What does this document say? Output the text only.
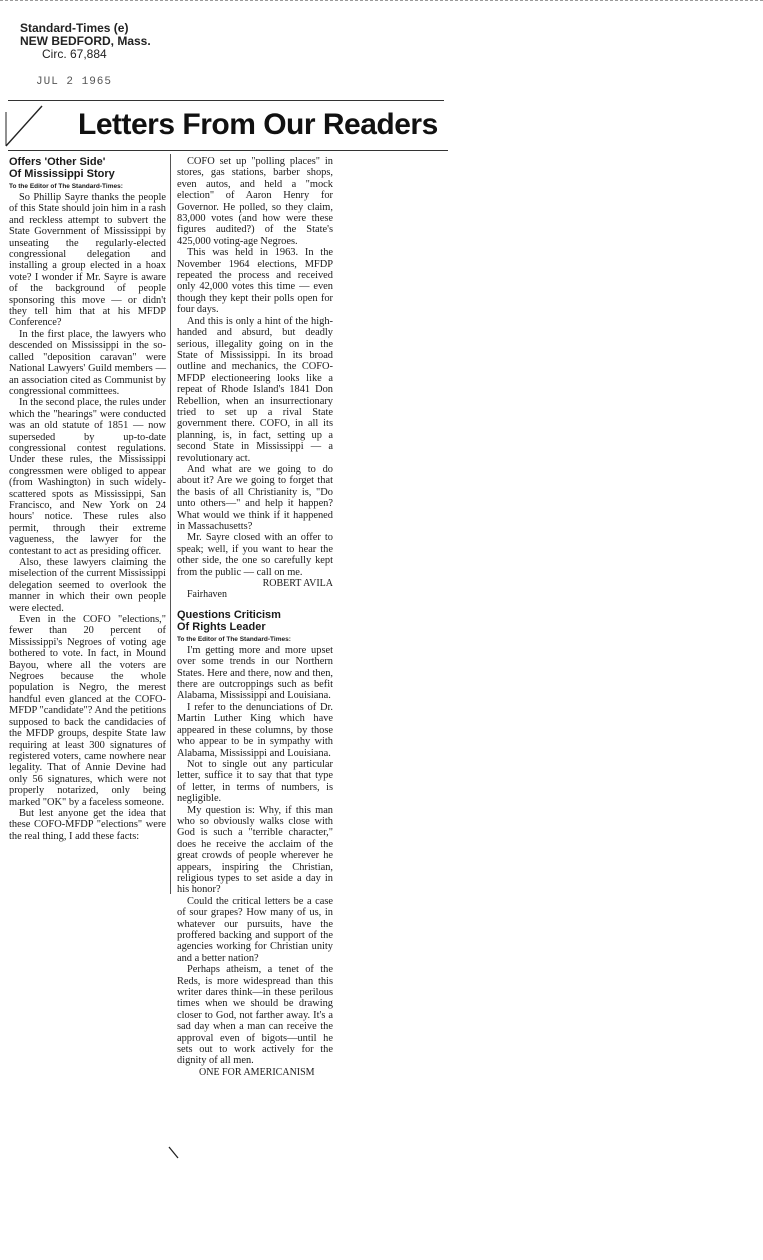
Standard-Times (e)
NEW BEDFORD, Mass.
Circ. 67,884
JUL 2 1965
Letters From Our Readers
Offers 'Other Side'
Of Mississippi Story
To the Editor of The Standard-Times:

So Phillip Sayre thanks the people of this State should join him in a rash and reckless attempt to subvert the State Government of Mississippi by unseating the regularly-elected congressional delegation and installing a group elected in a hoax vote? I wonder if Mr. Sayre is aware of the background of people sponsoring this move — or didn't they tell him that at his MFDP Conference?

In the first place, the lawyers who descended on Mississippi in the so-called "deposition caravan" were National Lawyers' Guild members — an association cited as Communist by congressional committees.

In the second place, the rules under which the "hearings" were conducted was an old statute of 1851 — now superseded by up-to-date congressional contest regulations. Under these rules, the Mississippi congressmen were obliged to appear (from Washington) in such widely-scattered spots as Mississippi, San Francisco, and New York on 24 hours' notice. These rules also permit, through their extreme vagueness, the lawyer for the contestant to act as presiding officer.

Also, these lawyers claiming the miselection of the current Mississippi delegation seemed to overlook the manner in which their own people were elected.

Even in the COFO "elections," fewer than 20 percent of Mississippi's Negroes of voting age bothered to vote. In fact, in Mound Bayou, where all the voters are Negroes because the whole population is Negro, the merest handful even glanced at the COFO-MFDP "candidate"? And the petitions supposed to back the candidacies of the MFDP groups, despite State law requiring at least 300 signatures of registered voters, came nowhere near legality. That of Annie Devine had only 56 signatures, which were not properly notarized, only being marked "OK" by a faceless someone.

But lest anyone get the idea that these COFO-MFDP "elections" were the real thing, I add these facts:

COFO set up "polling places" in stores, gas stations, barber shops, even autos, and held a "mock election" of Aaron Henry for Governor. He polled, so they claim, 83,000 votes (and how were these figures audited?) of the State's 425,000 voting-age Negroes.

This was held in 1963. In the November 1964 elections, MFDP repeated the process and received only 42,000 votes this time — even though they kept their polls open for four days.

And this is only a hint of the high-handed and absurd, but deadly serious, illegality going on in the State of Mississippi. In its broad outline and mechanics, the COFO-MFDP electioneering looks like a repeat of Rhode Island's 1841 Don Rebellion, when an insurrectionary tried to set up a rival State government there. COFO, in all its planning, is, in fact, setting up a second State in Mississippi — a revolutionary act.

And what are we going to do about it? Are we going to forget that the basis of all Christianity is, "Do unto others—" and help it happen? What would we think if it happened in Massachusetts?

Mr. Sayre closed with an offer to speak; well, if you want to hear the other side, the one so carefully kept from the public — call on me.

ROBERT AVILA

Fairhaven

Questions Criticism
Of Rights Leader
To the Editor of The Standard-Times:

I'm getting more and more upset over some trends in our Northern States. Here and there, now and then, there are outcroppings such as befit Alabama, Mississippi and Louisiana.

I refer to the denunciations of Dr. Martin Luther King which have appeared in these columns, by those who appear to be in sympathy with Alabama, Mississippi and Louisiana.

Not to single out any particular letter, suffice it to say that that type of letter, in terms of numbers, is negligible.

My question is: Why, if this man who so obviously walks close with God is such a "terrible character," does he receive the acclaim of the great crowds of people wherever he appears, inspiring the Christian, religious types to set aside a day in his honor?

Could the critical letters be a case of sour grapes? How many of us, in whatever our pursuits, have the proffered backing and support of the agencies working for Christian unity and a better nation?

Perhaps atheism, a tenet of the Reds, is more widespread than this writer dares think—in these perilous times when we should be drawing closer to God, not farther away. It's a sad day when a man can receive the approval even of bigots—until he sets out to work actively for the dignity of all men.

ONE FOR AMERICANISM
